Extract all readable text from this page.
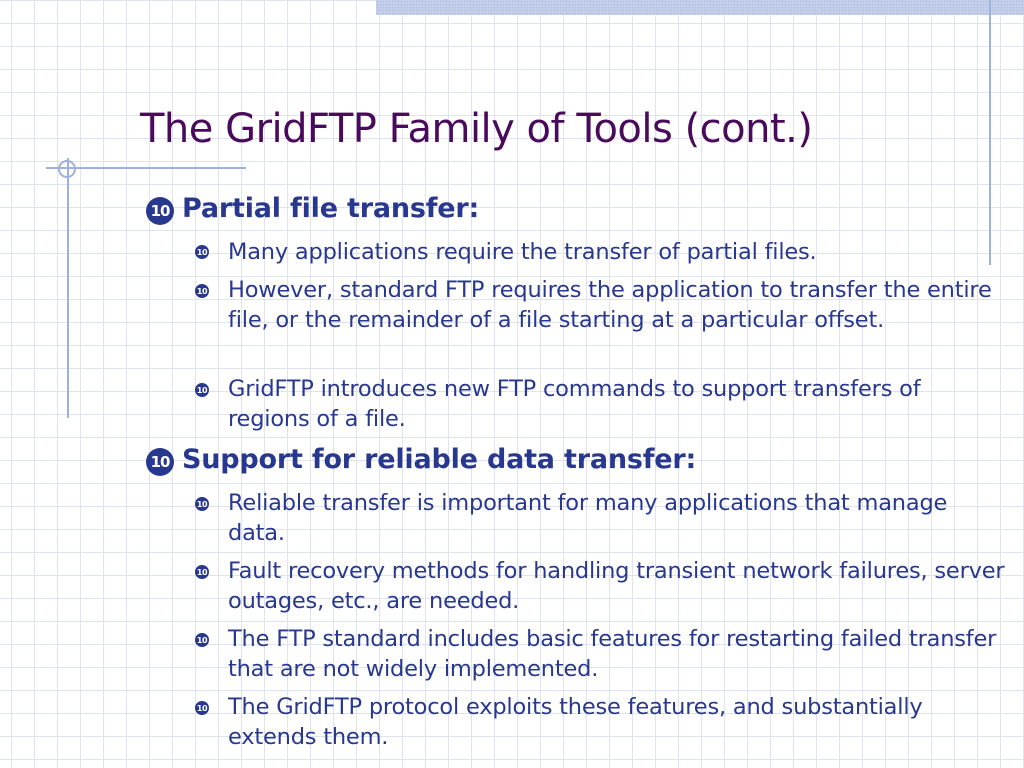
The GridFTP Family of Tools (cont.)
10 Partial file transfer:
10 Many applications require the transfer of partial files.
10 However, standard FTP requires the application to transfer the entire file, or the remainder of a file starting at a particular offset.
10 GridFTP introduces new FTP commands to support transfers of regions of a file.
10 Support for reliable data transfer:
10 Reliable transfer is important for many applications that manage data.
10 Fault recovery methods for handling transient network failures, server outages, etc., are needed.
10 The FTP standard includes basic features for restarting failed transfer that are not widely implemented.
10 The GridFTP protocol exploits these features, and substantially extends them.
